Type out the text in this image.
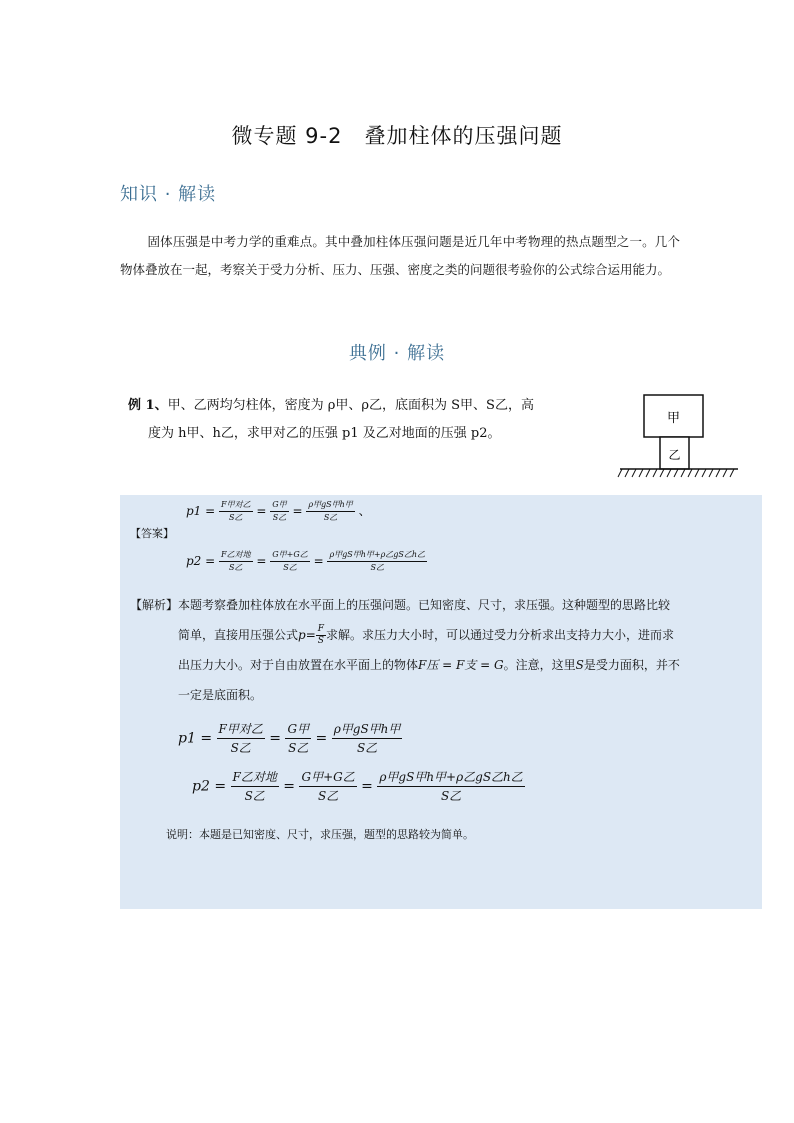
微专题 9-2　叠加柱体的压强问题
知识 · 解读
固体压强是中考力学的重难点。其中叠加柱体压强问题是近几年中考物理的热点题型之一。几个物体叠放在一起，考察关于受力分析、压力、压强、密度之类的问题很考验你的公式综合运用能力。
典例 · 解读
例 1、甲、乙两均匀柱体，密度为 ρ甲、ρ乙，底面积为 S甲、S乙，高
度为 h甲、h乙，求甲对乙的压强 p1 及乙对地面的压强 p2。
甲
乙
【答案】
$p1 = \frac{\text{F甲对乙}}{\text{S乙}} = \frac{\text{G甲}}{\text{S乙}} = \frac{\text{ρ甲gS甲h甲}}{\text{S乙}}$ 、
$p2 = \frac{\text{F乙对地}}{\text{S乙}} = \frac{\text{G甲+G乙}}{\text{S乙}} = \frac{\text{ρ甲gS甲h甲+ρ乙gS乙h乙}}{\text{S乙}}$
【解析】本题考察叠加柱体放在水平面上的压强问题。已知密度、尺寸，求压强。这种题型的思路比较
简单，直接用压强公式$p= \frac{F}{S}$ 求解。求压力大小时，可以通过受力分析求出支持力大小，进而求
出压力大小。对于自由放置在水平面上的物体F压 = F支 = G。注意，这里S是受力面积，并不
一定是底面积。
$p1 = \frac{\text{F甲对乙}}{\text{S乙}} = \frac{\text{G甲}}{\text{S乙}} = \frac{\text{ρ甲gS甲h甲}}{\text{S乙}}$
$p2 = \frac{\text{F乙对地}}{\text{S乙}} = \frac{\text{G甲+G乙}}{\text{S乙}} = \frac{\text{ρ甲gS甲h甲+ρ乙gS乙h乙}}{\text{S乙}}$
说明：本题是已知密度、尺寸，求压强，题型的思路较为简单。
